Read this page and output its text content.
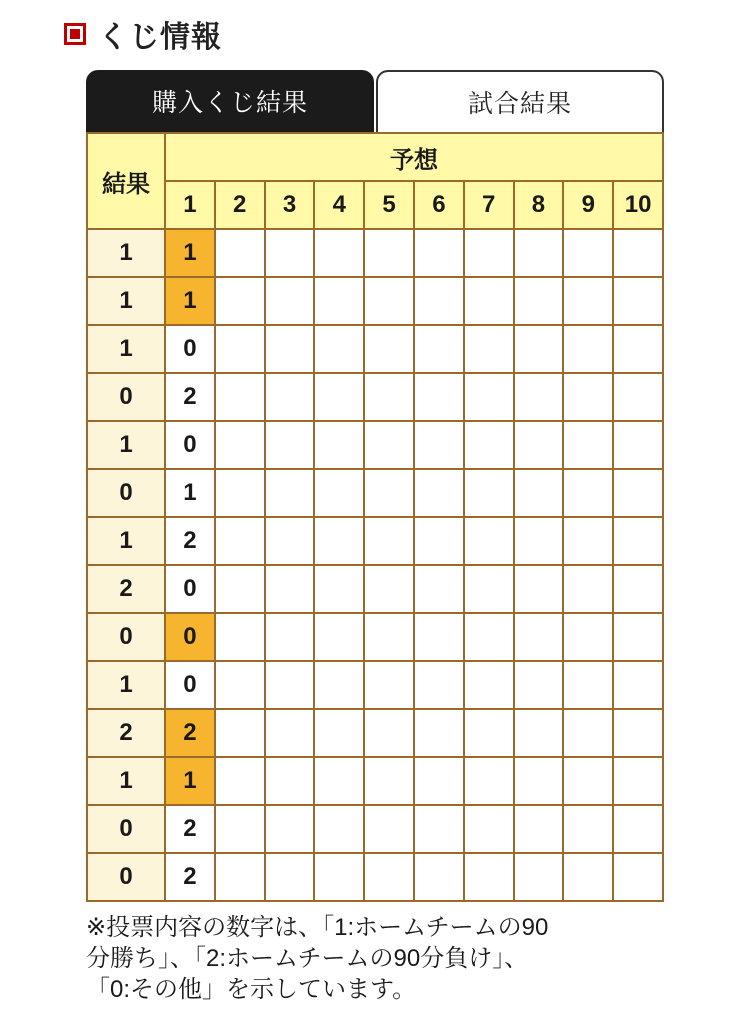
くじ情報
購入くじ結果	試合結果
結果	予想									
	1	2	3	4	5	6	7	8	9	10
1	1									
1	1									
1	0									
0	2									
1	0									
0	1									
1	2									
2	0									
0	0									
1	0									
2	2									
1	1									
0	2									
0	2									
※投票内容の数字は、「1:ホームチームの90
分勝ち」、「2:ホームチームの90分負け」、
「0:その他」を示しています。
